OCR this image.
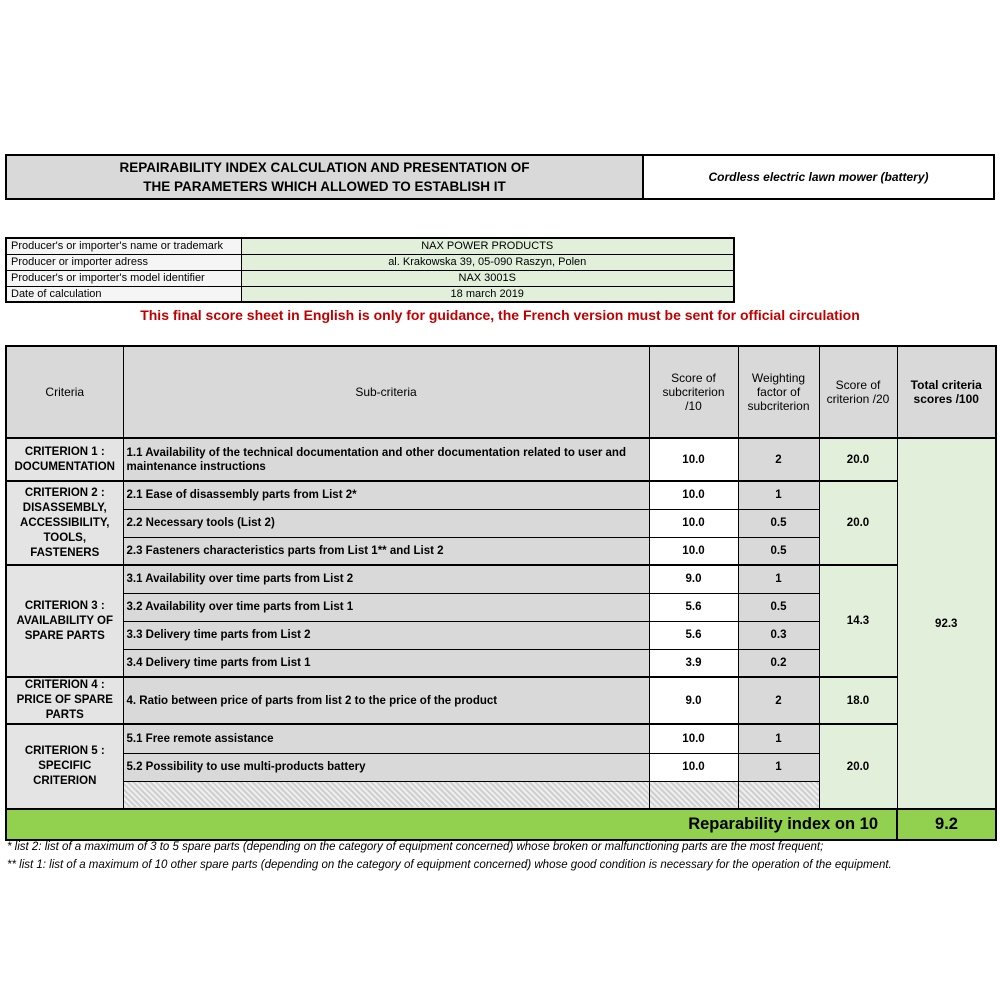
REPAIRABILITY INDEX CALCULATION AND PRESENTATION OF
THE PARAMETERS WHICH ALLOWED TO ESTABLISH IT
Cordless electric lawn mower (battery)
Producer's or importer's name or trademark	NAX POWER PRODUCTS
Producer or importer adress	al. Krakowska 39, 05-090 Raszyn, Polen
Producer's or importer's model identifier	NAX 3001S
Date of calculation	18 march 2019
This final score sheet in English is only for guidance, the French version must be sent for official circulation
Criteria	Sub-criteria	Score of subcriterion /10	Weighting factor of subcriterion	Score of criterion /20	Total criteria scores /100
CRITERION 1 : DOCUMENTATION	1.1 Availability of the technical documentation and other documentation related to user and maintenance instructions	10.0	2	20.0	92.3
CRITERION 2 : DISASSEMBLY, ACCESSIBILITY, TOOLS, FASTENERS	2.1 Ease of disassembly parts from List 2*	10.0	1	20.0	
	2.2 Necessary tools (List 2)	10.0	0.5		
	2.3 Fasteners characteristics parts from List 1** and List 2	10.0	0.5		
CRITERION 3 : AVAILABILITY OF SPARE PARTS	3.1 Availability over time parts from List 2	9.0	1	14.3	
	3.2 Availability over time parts from List 1	5.6	0.5		
	3.3 Delivery time parts from List 2	5.6	0.3		
	3.4 Delivery time parts from List 1	3.9	0.2		
CRITERION 4 : PRICE OF SPARE PARTS	4. Ratio between price of parts from list 2 to the price of the product	9.0	2	18.0	
CRITERION 5 : SPECIFIC CRITERION	5.1 Free remote assistance	10.0	1	20.0	
	5.2 Possibility to use multi-products battery	10.0	1		

Reparability index on 10					9.2
* list 2: list of a maximum of 3 to 5 spare parts (depending on the category of equipment concerned) whose broken or malfunctioning parts are the most frequent;
** list 1: list of a maximum of 10 other spare parts (depending on the category of equipment concerned) whose good condition is necessary for the operation of the equipment.
